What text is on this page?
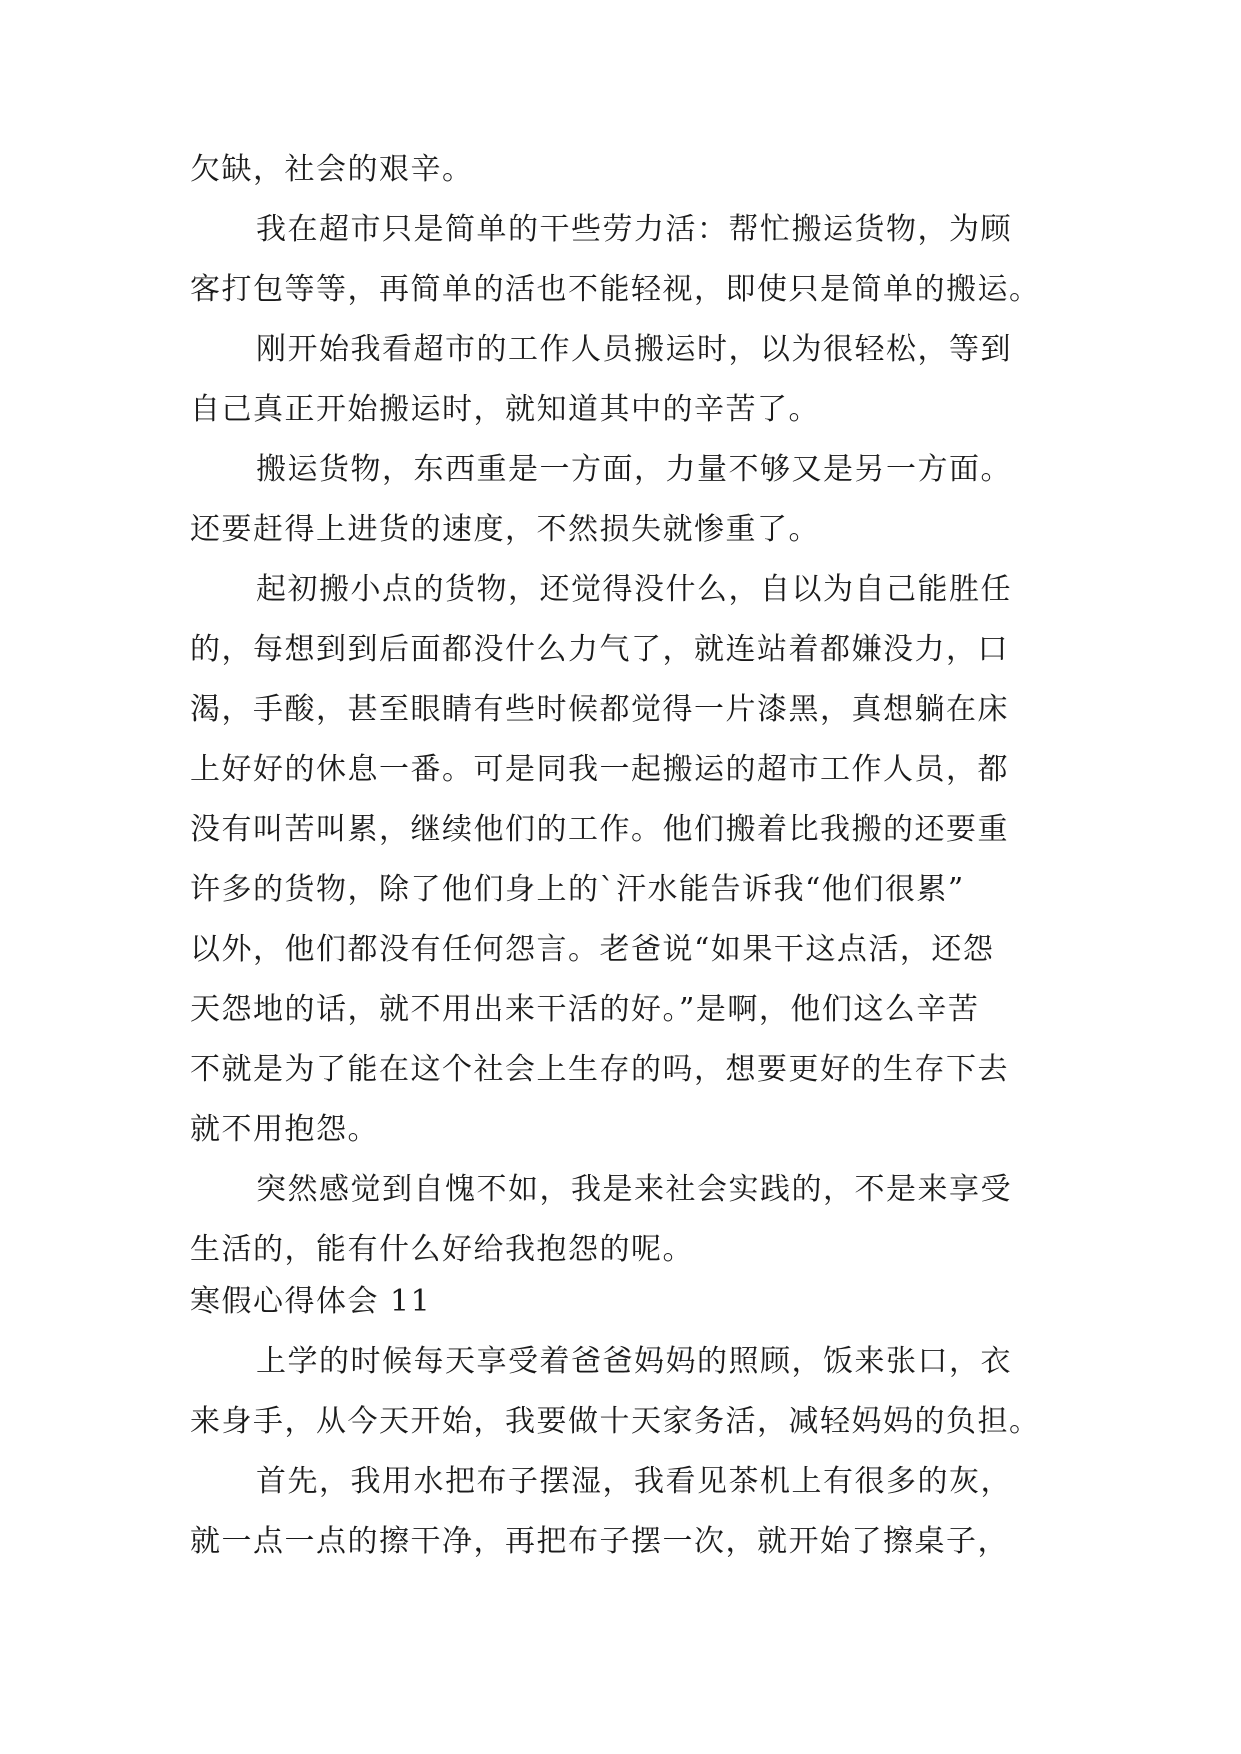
欠缺，社会的艰辛。
我在超市只是简单的干些劳力活：帮忙搬运货物，为顾
客打包等等，再简单的活也不能轻视，即使只是简单的搬运。
刚开始我看超市的工作人员搬运时，以为很轻松，等到
自己真正开始搬运时，就知道其中的辛苦了。
搬运货物，东西重是一方面，力量不够又是另一方面。
还要赶得上进货的速度，不然损失就惨重了。
起初搬小点的货物，还觉得没什么，自以为自己能胜任
的，每想到到后面都没什么力气了，就连站着都嫌没力，口
渴，手酸，甚至眼睛有些时候都觉得一片漆黑，真想躺在床
上好好的休息一番。可是同我一起搬运的超市工作人员，都
没有叫苦叫累，继续他们的工作。他们搬着比我搬的还要重
许多的货物，除了他们身上的`汗水能告诉我“他们很累”
以外，他们都没有任何怨言。老爸说“如果干这点活，还怨
天怨地的话，就不用出来干活的好。”是啊，他们这么辛苦
不就是为了能在这个社会上生存的吗，想要更好的生存下去
就不用抱怨。
突然感觉到自愧不如，我是来社会实践的，不是来享受
生活的，能有什么好给我抱怨的呢。
寒假心得体会 11
上学的时候每天享受着爸爸妈妈的照顾，饭来张口，衣
来身手，从今天开始，我要做十天家务活，减轻妈妈的负担。
首先，我用水把布子摆湿，我看见茶机上有很多的灰，
就一点一点的擦干净，再把布子摆一次，就开始了擦桌子，
